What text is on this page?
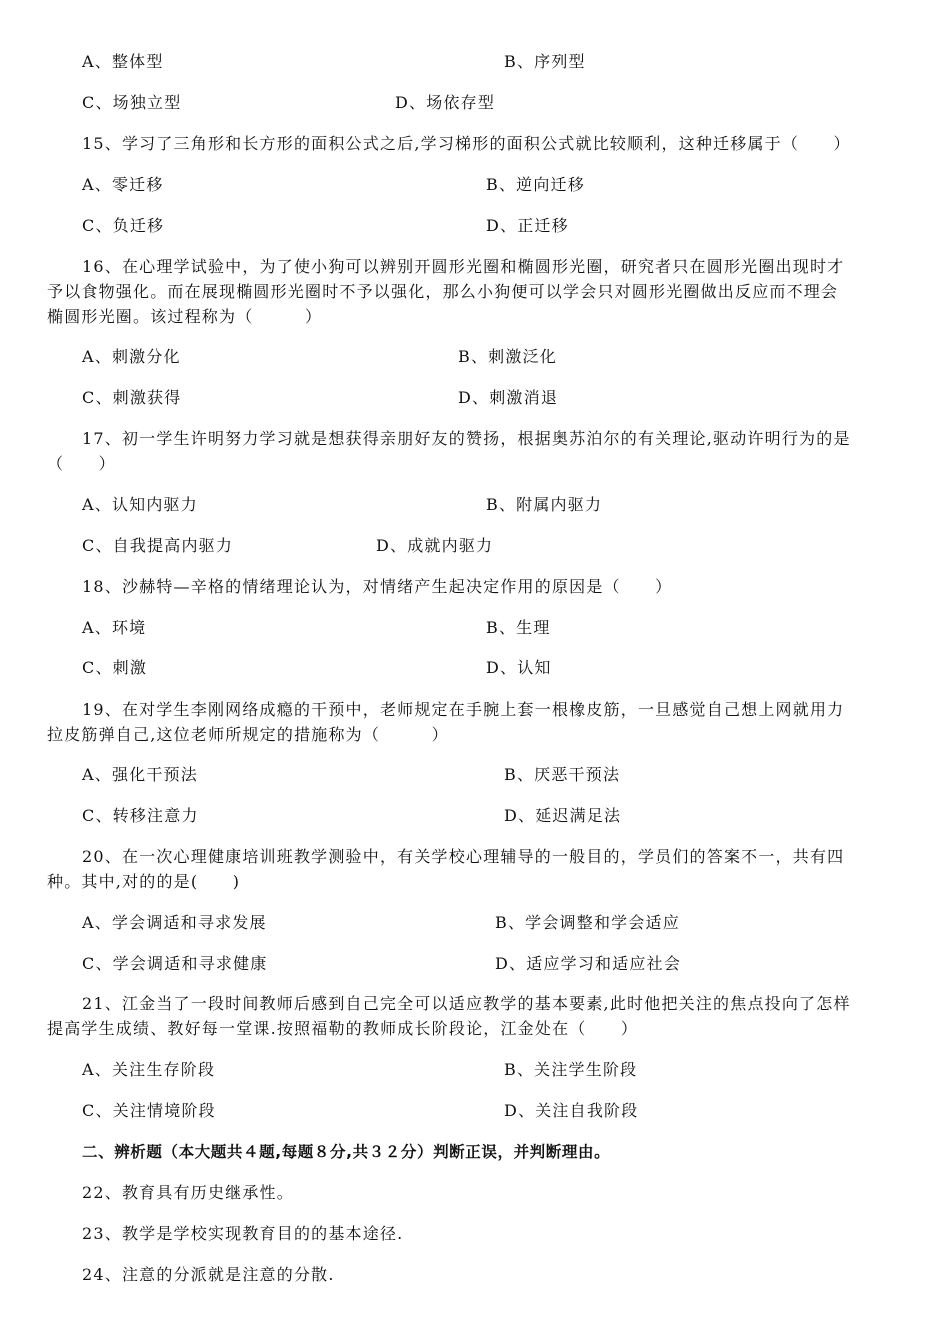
A、整体型	B、序列型
C、场独立型	D、场依存型
15、学习了三角形和长方形的面积公式之后,学习梯形的面积公式就比较顺利，这种迁移属于（　　）
A、零迁移	B、逆向迁移
C、负迁移	D、正迁移
16、在心理学试验中，为了使小狗可以辨别开圆形光圈和椭圆形光圈，研究者只在圆形光圈出现时才
予以食物强化。而在展现椭圆形光圈时不予以强化，那么小狗便可以学会只对圆形光圈做出反应而不理会
椭圆形光圈。该过程称为（　　　）
A、刺激分化	B、刺激泛化
C、刺激获得	D、刺激消退
17、初一学生许明努力学习就是想获得亲朋好友的赞扬，根据奥苏泊尔的有关理论,驱动许明行为的是
（　　）
A、认知内驱力	B、附属内驱力
C、自我提高内驱力	D、成就内驱力
18、沙赫特—辛格的情绪理论认为，对情绪产生起决定作用的原因是（　　）
A、环境	B、生理
C、刺激	D、认知
19、在对学生李刚网络成瘾的干预中，老师规定在手腕上套一根橡皮筋，一旦感觉自己想上网就用力
拉皮筋弹自己,这位老师所规定的措施称为（　　　）
A、强化干预法	B、厌恶干预法
C、转移注意力	D、延迟满足法
20、在一次心理健康培训班教学测验中，有关学校心理辅导的一般目的，学员们的答案不一，共有四
种。其中,对的的是(　　)
A、学会调适和寻求发展	B、学会调整和学会适应
C、学会调适和寻求健康	D、适应学习和适应社会
21、江金当了一段时间教师后感到自己完全可以适应教学的基本要素,此时他把关注的焦点投向了怎样
提高学生成绩、教好每一堂课.按照福勒的教师成长阶段论，江金处在（　　）
A、关注生存阶段	B、关注学生阶段
C、关注情境阶段	D、关注自我阶段
二、辨析题（本大题共４题,每题８分,共３２分）判断正误，并判断理由。
22、教育具有历史继承性。
23、教学是学校实现教育目的的基本途径.
24、注意的分派就是注意的分散.
